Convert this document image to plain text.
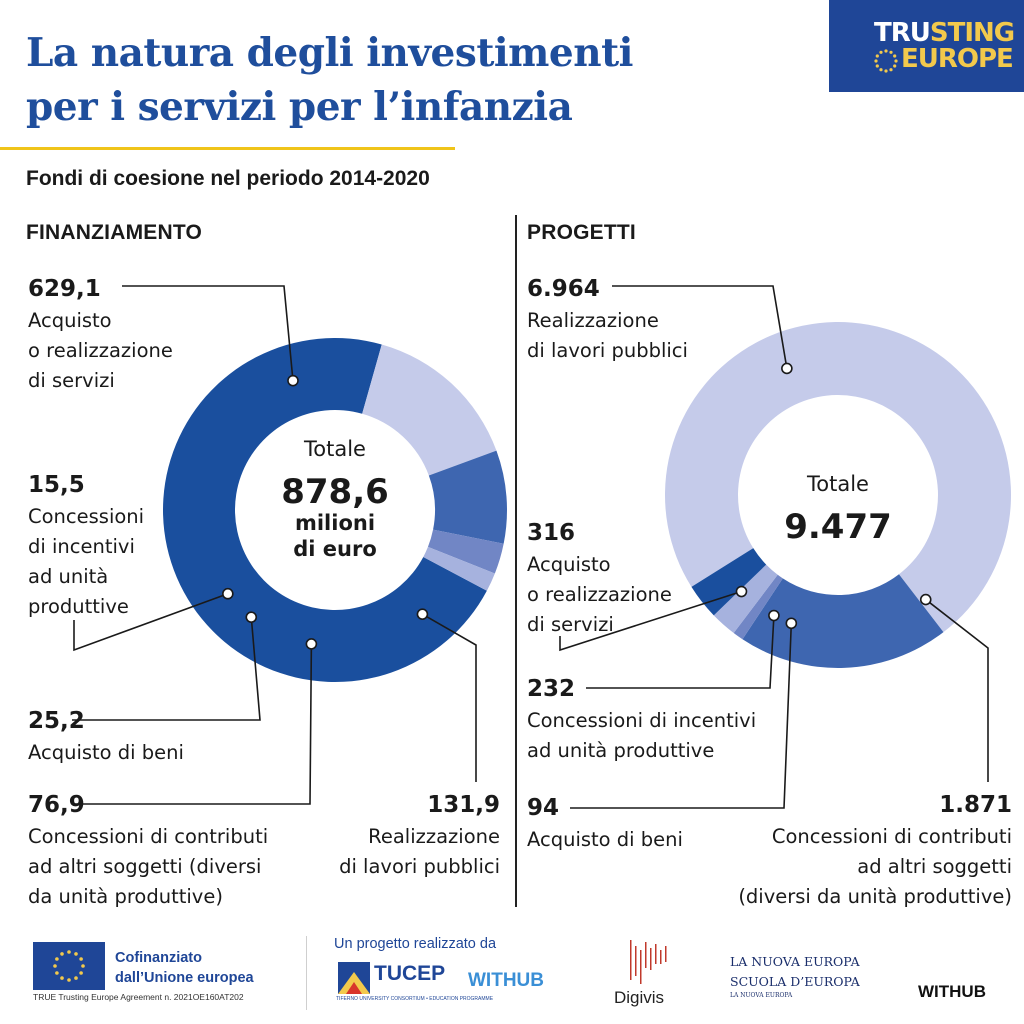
La natura degli investimenti
per i servizi per l’infanzia
TRUSTING
EUROPE
Fondi di coesione nel periodo 2014-2020
FINANZIAMENTO	PROGETTI
629,1
Acquisto
o realizzazione
di servizi
131,9
Realizzazione
di lavori pubblici
76,9
Concessioni di contributi
ad altri soggetti (diversi
da unità produttive)
25,2
Acquisto di beni
15,5
Concessioni
di incentivi
ad unità
produttive
Totale
878,6
milioni
di euro
6.964
Realizzazione
di lavori pubblici
1.871
Concessioni di contributi
ad altri soggetti
(diversi da unità produttive)
94
Acquisto di beni
232
Concessioni di incentivi
ad unità produttive
316
Acquisto
o realizzazione
di servizi
Totale
9.477
Cofinanziato
dall’Unione europea
TRUE Trusting Europe Agreement n. 2021OE160AT202
Un progetto realizzato da
TUCEP
TIFERNO UNIVERSITY CONSORTIUM • EDUCATION PROGRAMME
WITHUB
Digivis
LA NUOVA EUROPA
SCUOLA D’EUROPA
LA NUOVA EUROPA	WITHUB
